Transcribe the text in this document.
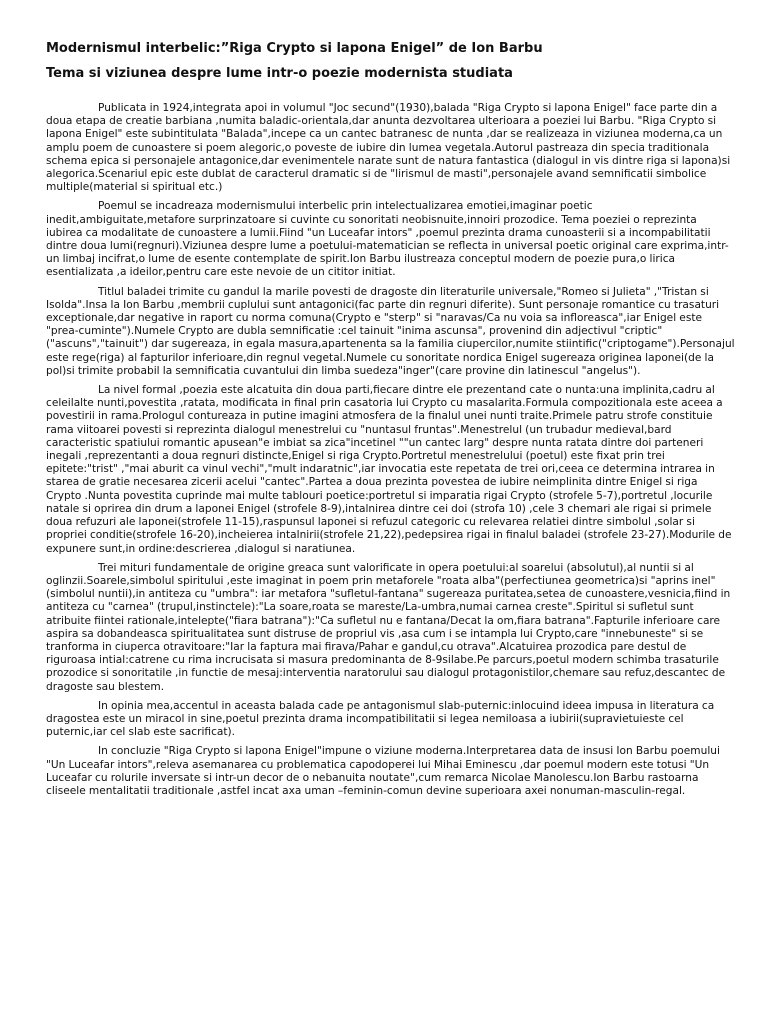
Modernismul interbelic:”Riga Crypto si lapona Enigel” de Ion Barbu
Tema si viziunea despre lume intr-o poezie modernista studiata

Publicata in 1924,integrata apoi in volumul "Joc secund"(1930),balada "Riga Crypto si lapona Enigel" face parte din a doua etapa de creatie barbiana ,numita baladic-orientala,dar anunta dezvoltarea ulterioara a poeziei lui Barbu. "Riga Crypto si lapona Enigel" este subintitulata "Balada",incepe ca un cantec batranesc de nunta ,dar se realizeaza in viziunea moderna,ca un amplu poem de cunoastere si poem alegoric,o poveste de iubire din lumea vegetala.Autorul pastreaza din specia traditionala schema epica si personajele antagonice,dar evenimentele narate sunt de natura fantastica (dialogul in vis dintre riga si lapona)si alegorica.Scenariul epic este dublat de caracterul dramatic si de "lirismul de masti",personajele avand semnificatii simbolice multiple(material si spiritual etc.)

Poemul se incadreaza modernismului interbelic prin intelectualizarea emotiei,imaginar poetic inedit,ambiguitate,metafore surprinzatoare si cuvinte cu sonoritati neobisnuite,innoiri prozodice. Tema poeziei o reprezinta iubirea ca modalitate de cunoastere a lumii.Fiind "un Luceafar intors" ,poemul prezinta drama cunoasterii si a incompabilitatii dintre doua lumi(regnuri).Viziunea despre lume a poetului-matematician se reflecta in universal poetic original care exprima,intr-un limbaj incifrat,o lume de esente contemplate de spirit.Ion Barbu ilustreaza conceptul modern de poezie pura,o lirica esentializata ,a ideilor,pentru care este nevoie de un cititor initiat.

Titlul baladei trimite cu gandul la marile povesti de dragoste din literaturile universale,"Romeo si Julieta" ,"Tristan si Isolda".Insa la Ion Barbu ,membrii cuplului sunt antagonici(fac parte din regnuri diferite). Sunt personaje romantice cu trasaturi exceptionale,dar negative in raport cu norma comuna(Crypto e "sterp" si "naravas/Ca nu voia sa infloreasca",iar Enigel este "prea-cuminte").Numele Crypto are dubla semnificatie :cel tainuit "inima ascunsa", provenind din adjectivul "criptic"("ascuns","tainuit") dar sugereaza, in egala masura,apartenenta sa la familia ciupercilor,numite stiintific("criptogame").Personajul este rege(riga) al fapturilor inferioare,din regnul vegetal.Numele cu sonoritate nordica Enigel sugereaza originea laponei(de la pol)si trimite probabil la semnificatia cuvantului din limba suedeza"inger"(care provine din latinescul "angelus").

La nivel formal ,poezia este alcatuita din doua parti,fiecare dintre ele prezentand cate o nunta:una implinita,cadru al celeilalte nunti,povestita ,ratata, modificata in final prin casatoria lui Crypto cu masalarita.Formula compozitionala este aceea a povestirii in rama.Prologul contureaza in putine imagini atmosfera de la finalul unei nunti traite.Primele patru strofe constituie rama viitoarei povesti si reprezinta dialogul menestrelui cu "nuntasul fruntas".Menestrelul (un trubadur medieval,bard caracteristic spatiului romantic apusean"e imbiat sa zica"incetinel ""un cantec larg" despre nunta ratata dintre doi parteneri inegali ,reprezentanti a doua regnuri distincte,Enigel si riga Crypto.Portretul menestrelului (poetul) este fixat prin trei epitete:"trist" ,"mai aburit ca vinul vechi","mult indaratnic",iar invocatia este repetata de trei ori,ceea ce determina intrarea in starea de gratie necesarea zicerii acelui "cantec".Partea a doua prezinta povestea de iubire neimplinita dintre Enigel si riga Crypto .Nunta povestita cuprinde mai multe tablouri poetice:portretul si imparatia rigai Crypto (strofele 5-7),portretul ,locurile natale si oprirea din drum a laponei Enigel (strofele 8-9),intalnirea dintre cei doi (strofa 10) ,cele 3 chemari ale rigai si primele doua refuzuri ale laponei(strofele 11-15),raspunsul laponei si refuzul categoric cu relevarea relatiei dintre simbolul ,solar si propriei conditie(strofele 16-20),incheierea intalnirii(strofele 21,22),pedepsirea rigai in finalul baladei (strofele 23-27).Modurile de expunere sunt,in ordine:descrierea ,dialogul si naratiunea.

Trei mituri fundamentale de origine greaca sunt valorificate in opera poetului:al soarelui (absolutul),al nuntii si al oglinzii.Soarele,simbolul spiritului ,este imaginat in poem prin metaforele "roata alba"(perfectiunea geometrica)si "aprins inel"(simbolul nuntii),in antiteza cu "umbra": iar metafora "sufletul-fantana" sugereaza puritatea,setea de cunoastere,vesnicia,fiind in antiteza cu "carnea" (trupul,instinctele):"La soare,roata se mareste/La-umbra,numai carnea creste".Spiritul si sufletul sunt atribuite fiintei rationale,intelepte("fiara batrana"):"Ca sufletul nu e fantana/Decat la om,fiara batrana".Fapturile inferioare care aspira sa dobandeasca spiritualitatea sunt distruse de propriul vis ,asa cum i se intampla lui Crypto,care "innebuneste" si se tranforma in ciuperca otravitoare:"Iar la faptura mai firava/Pahar e gandul,cu otrava".Alcatuirea prozodica pare destul de riguroasa intial:catrene cu rima incrucisata si masura predominanta de 8-9silabe.Pe parcurs,poetul modern schimba trasaturile prozodice si sonoritatile ,in functie de mesaj:interventia naratorului sau dialogul protagonistilor,chemare sau refuz,descantec de dragoste sau blestem.

In opinia mea,accentul in aceasta balada cade pe antagonismul slab-puternic:inlocuind ideea impusa in literatura ca dragostea este un miracol in sine,poetul prezinta drama incompatibilitatii si legea nemiloasa a iubirii(supravietuieste cel puternic,iar cel slab este sacrificat).

In concluzie "Riga Crypto si lapona Enigel"impune o viziune moderna.Interpretarea data de insusi Ion Barbu poemului "Un Luceafar intors",releva asemanarea cu problematica capodoperei lui Mihai Eminescu ,dar poemul modern este totusi "Un Luceafar cu rolurile inversate si intr-un decor de o nebanuita noutate",cum remarca Nicolae Manolescu.Ion Barbu rastoarna cliseele mentalitatii traditionale ,astfel incat axa uman –feminin-comun devine superioara axei nonuman-masculin-regal.
